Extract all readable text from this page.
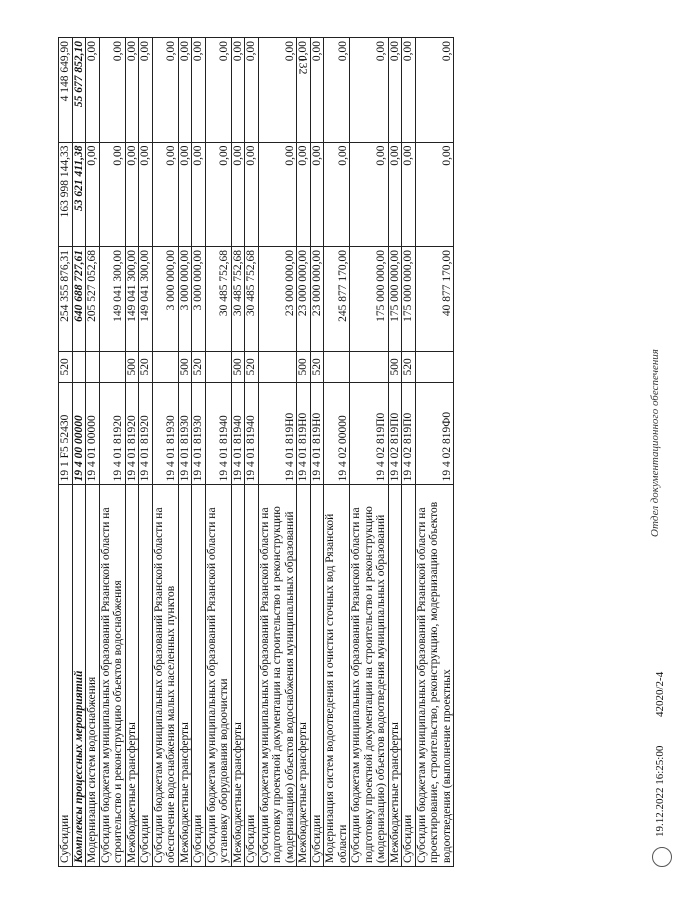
132
Субсидии	19 1 F5 52430	520	254 355 876,31	163 998 144,33	4 148 649,90
Комплексы процессных мероприятий	19 4 00 00000		640 688 727,61	53 621 411,38	55 677 852,10
Модернизация систем водоснабжения	19 4 01 00000		205 527 052,68	0,00	0,00
Субсидии бюджетам муниципальных образований Рязанской области на строительство и реконструкцию объектов водоснабжения	19 4 01 81920		149 041 300,00	0,00	0,00
Межбюджетные трансферты	19 4 01 81920	500	149 041 300,00	0,00	0,00
Субсидии	19 4 01 81920	520	149 041 300,00	0,00	0,00
Субсидии бюджетам муниципальных образований Рязанской области на обеспечение водоснабжения малых населенных пунктов	19 4 01 81930		3 000 000,00	0,00	0,00
Межбюджетные трансферты	19 4 01 81930	500	3 000 000,00	0,00	0,00
Субсидии	19 4 01 81930	520	3 000 000,00	0,00	0,00
Субсидии бюджетам муниципальных образований Рязанской области на установку оборудования водоочистки	19 4 01 81940		30 485 752,68	0,00	0,00
Межбюджетные трансферты	19 4 01 81940	500	30 485 752,68	0,00	0,00
Субсидии	19 4 01 81940	520	30 485 752,68	0,00	0,00
Субсидии бюджетам муниципальных образований Рязанской области на подготовку проектной документации на строительство и реконструкцию (модернизацию) объектов водоснабжения муниципальных образований	19 4 01 819Н0		23 000 000,00	0,00	0,00
Межбюджетные трансферты	19 4 01 819Н0	500	23 000 000,00	0,00	0,00
Субсидии	19 4 01 819Н0	520	23 000 000,00	0,00	0,00
Модернизация систем водоотведения и очистки сточных вод Рязанской области	19 4 02 00000		245 877 170,00	0,00	0,00
Субсидии бюджетам муниципальных образований Рязанской области на подготовку проектной документации на строительство и реконструкцию (модернизацию) объектов водоотведения муниципальных образований	19 4 02 819П0		175 000 000,00	0,00	0,00
Межбюджетные трансферты	19 4 02 819П0	500	175 000 000,00	0,00	0,00
Субсидии	19 4 02 819П0	520	175 000 000,00	0,00	0,00
Субсидии бюджетам муниципальных образований Рязанской области на проектирование, строительство, реконструкцию, модернизацию объектов водоотведения (выполнение проектных	19 4 02 819Ф0		40 877 170,00	0,00	0,00
19.12.2022 16:25:00
42020/2-4
Отдел документационного обеспечения
